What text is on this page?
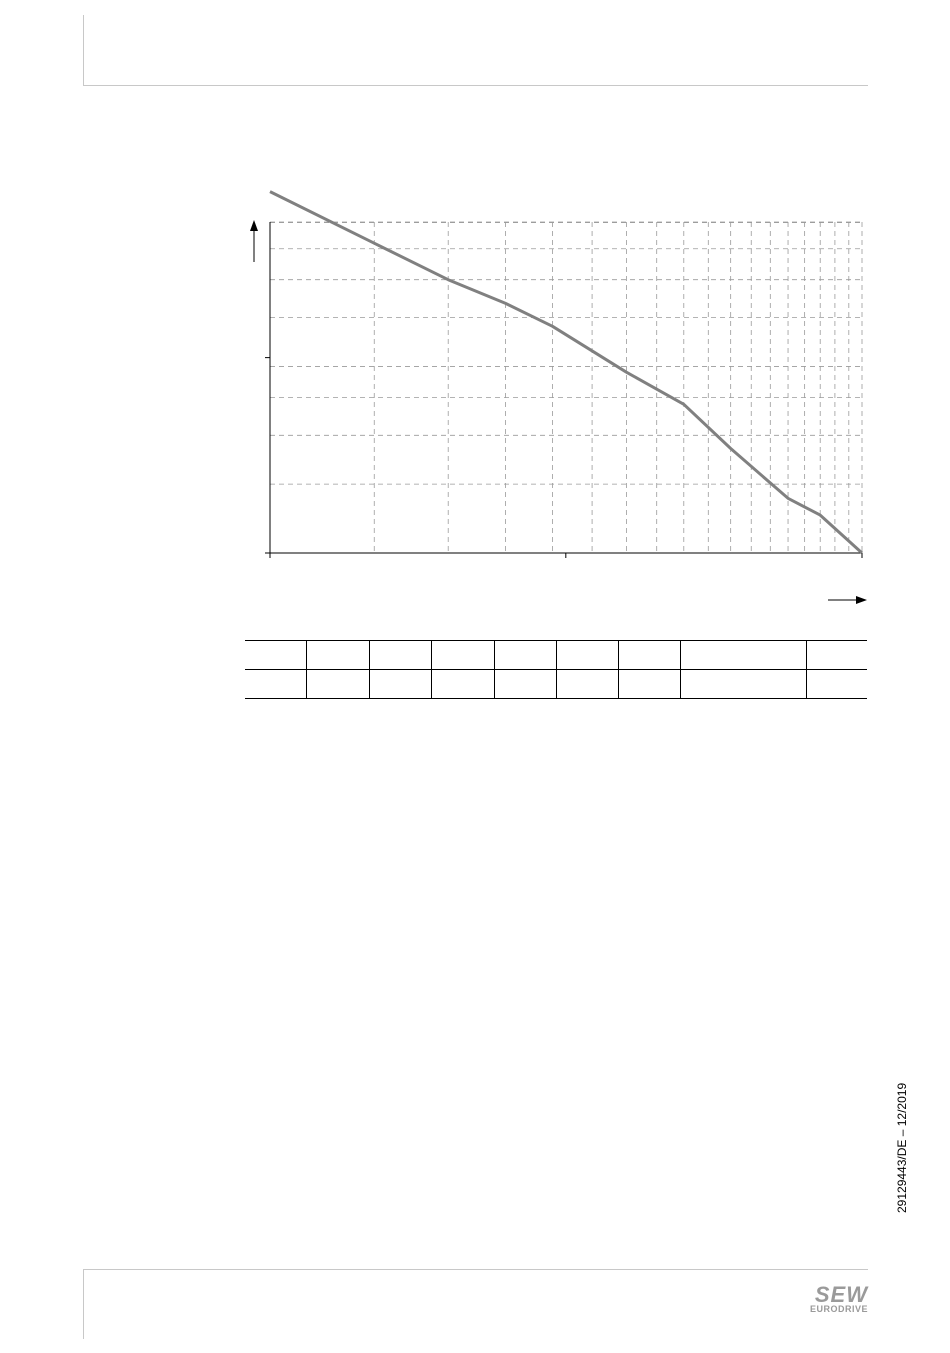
29129443/DE – 12/2019
SEW
EURODRIVE
